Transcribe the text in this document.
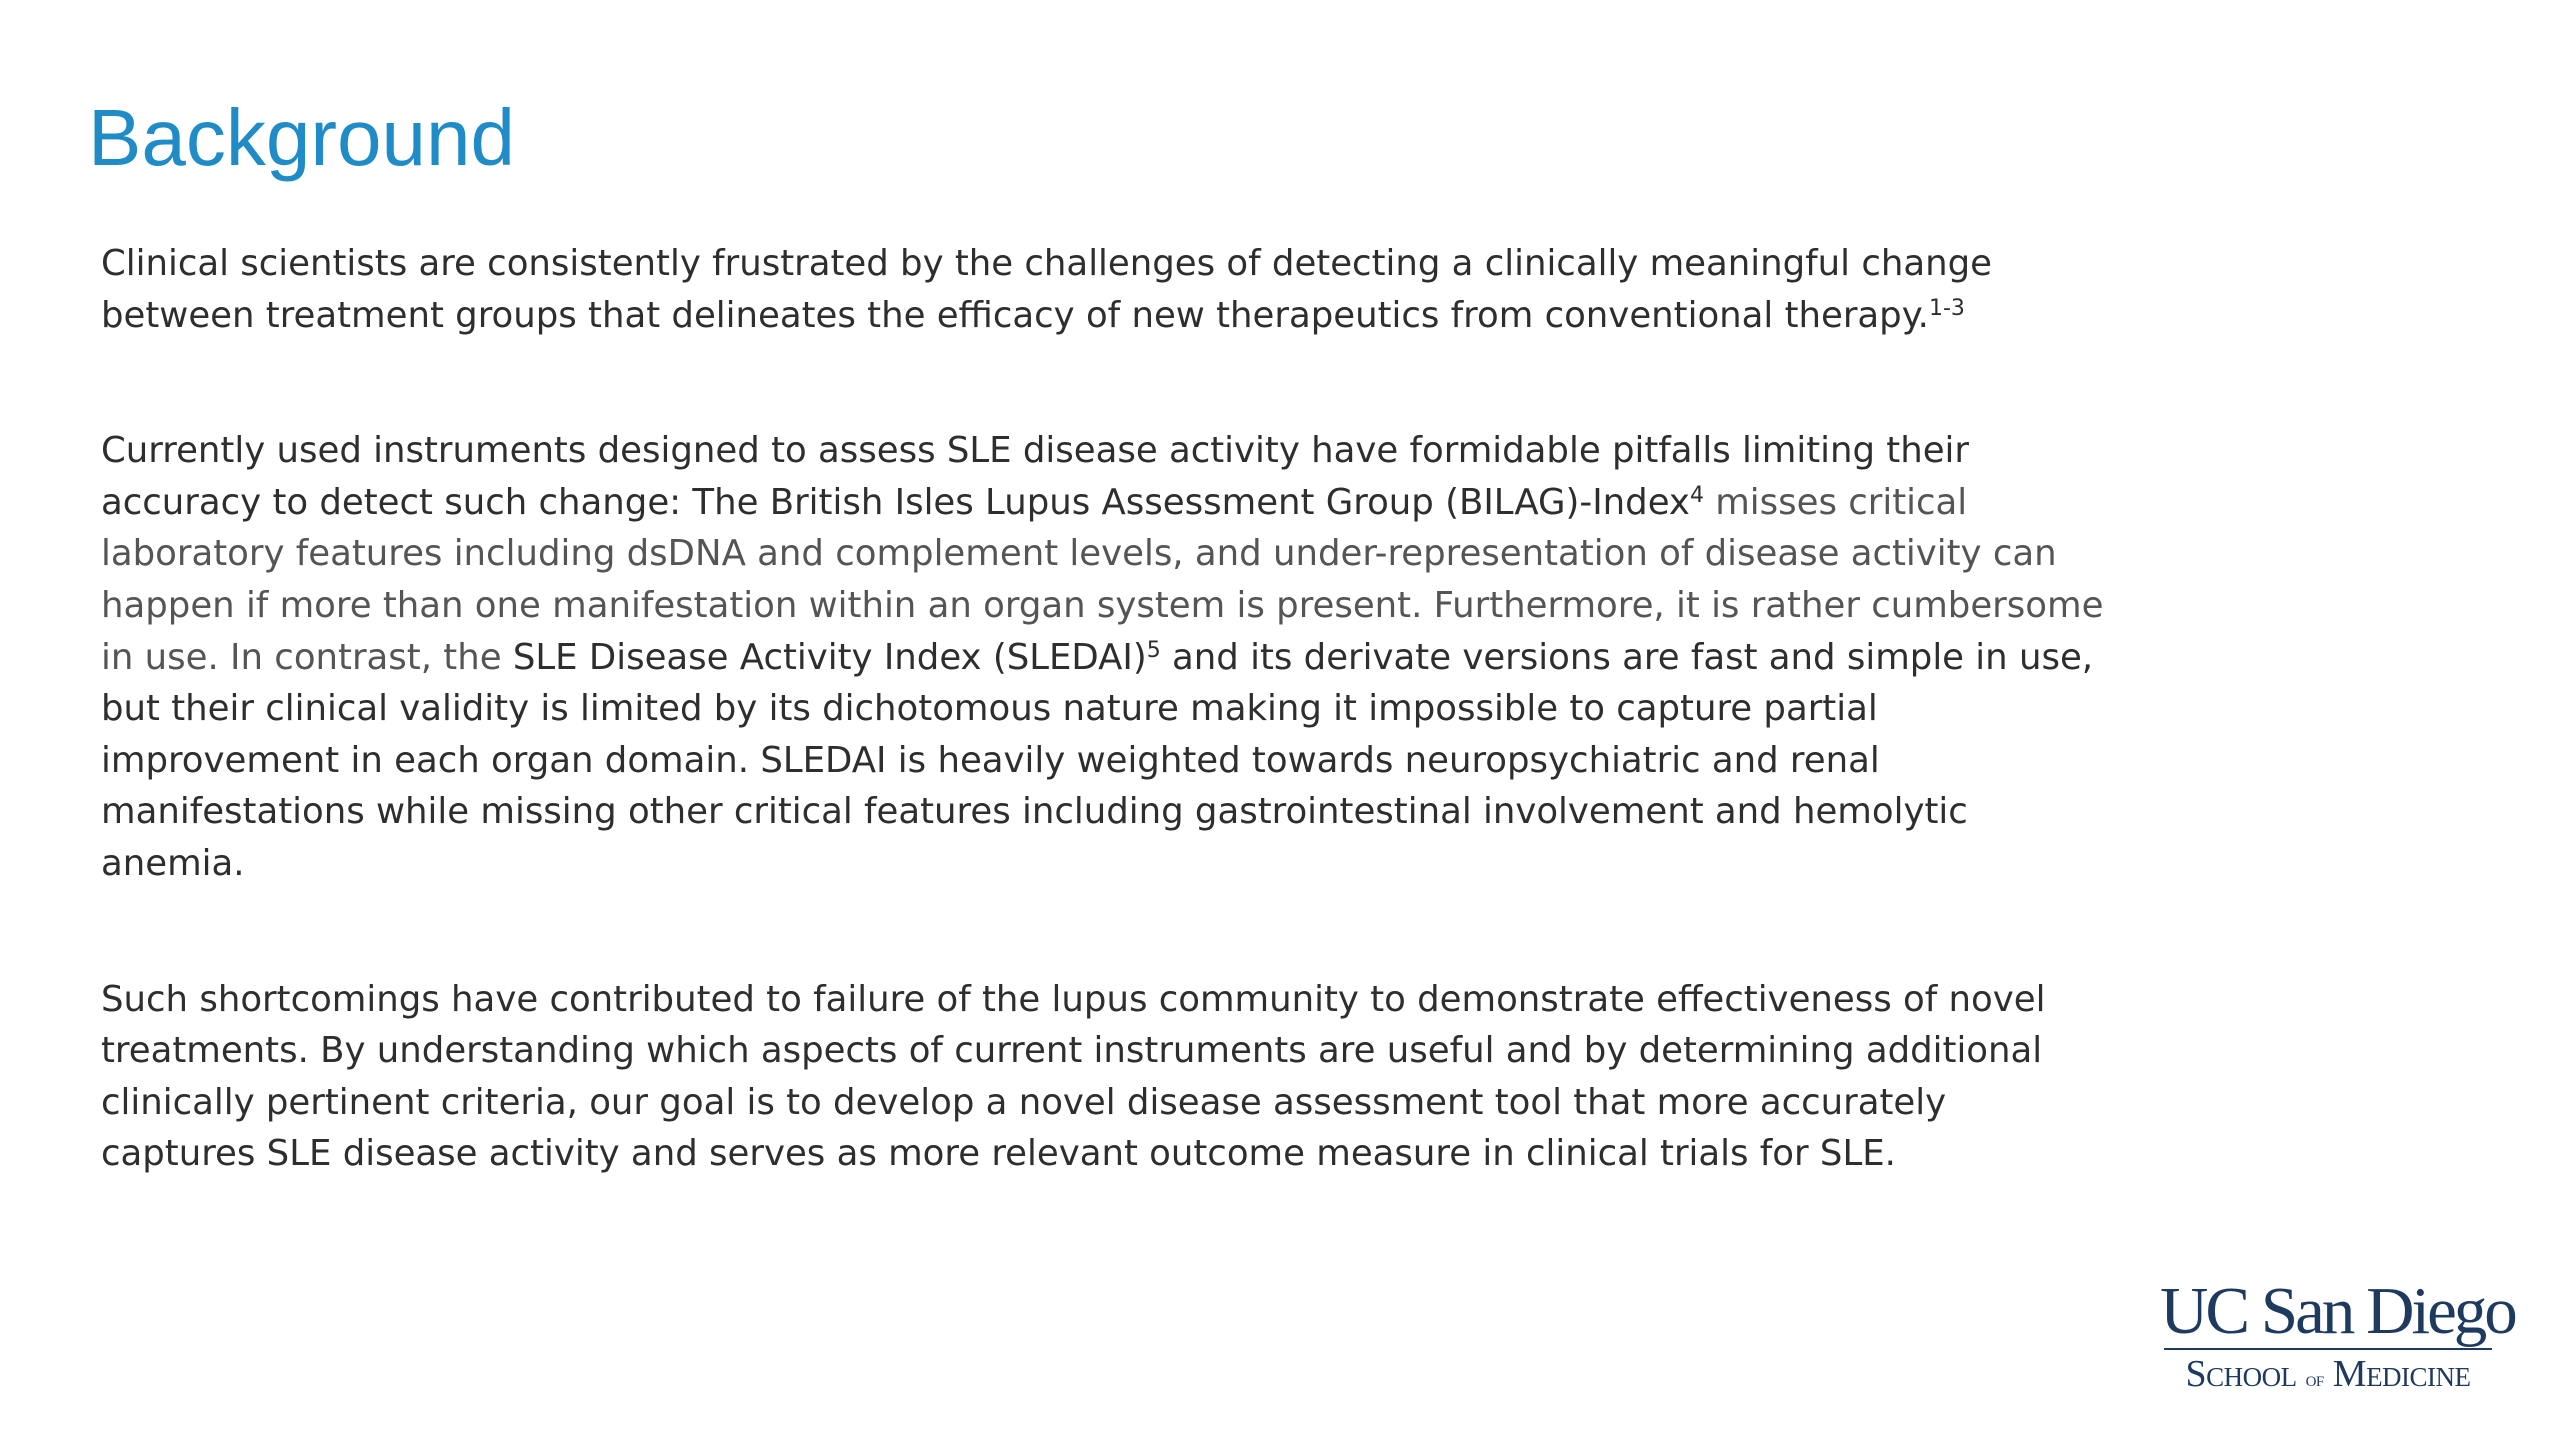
Background

Clinical scientists are consistently frustrated by the challenges of detecting a clinically meaningful change between treatment groups that delineates the efficacy of new therapeutics from conventional therapy.$^{1-3}$

Currently used instruments designed to assess SLE disease activity have formidable pitfalls limiting their accuracy to detect such change: The British Isles Lupus Assessment Group (BILAG)-Index$^4$ misses critical laboratory features including dsDNA and complement levels, and under-representation of disease activity can happen if more than one manifestation within an organ system is present. Furthermore, it is rather cumbersome in use. In contrast, the SLE Disease Activity Index (SLEDAI)$^5$ and its derivate versions are fast and simple in use, but their clinical validity is limited by its dichotomous nature making it impossible to capture partial improvement in each organ domain. SLEDAI is heavily weighted towards neuropsychiatric and renal manifestations while missing other critical features including gastrointestinal involvement and hemolytic anemia.

Such shortcomings have contributed to failure of the lupus community to demonstrate effectiveness of novel treatments. By understanding which aspects of current instruments are useful and by determining additional clinically pertinent criteria, our goal is to develop a novel disease assessment tool that more accurately captures SLE disease activity and serves as more relevant outcome measure in clinical trials for SLE.

UC San Diego
School of Medicine
